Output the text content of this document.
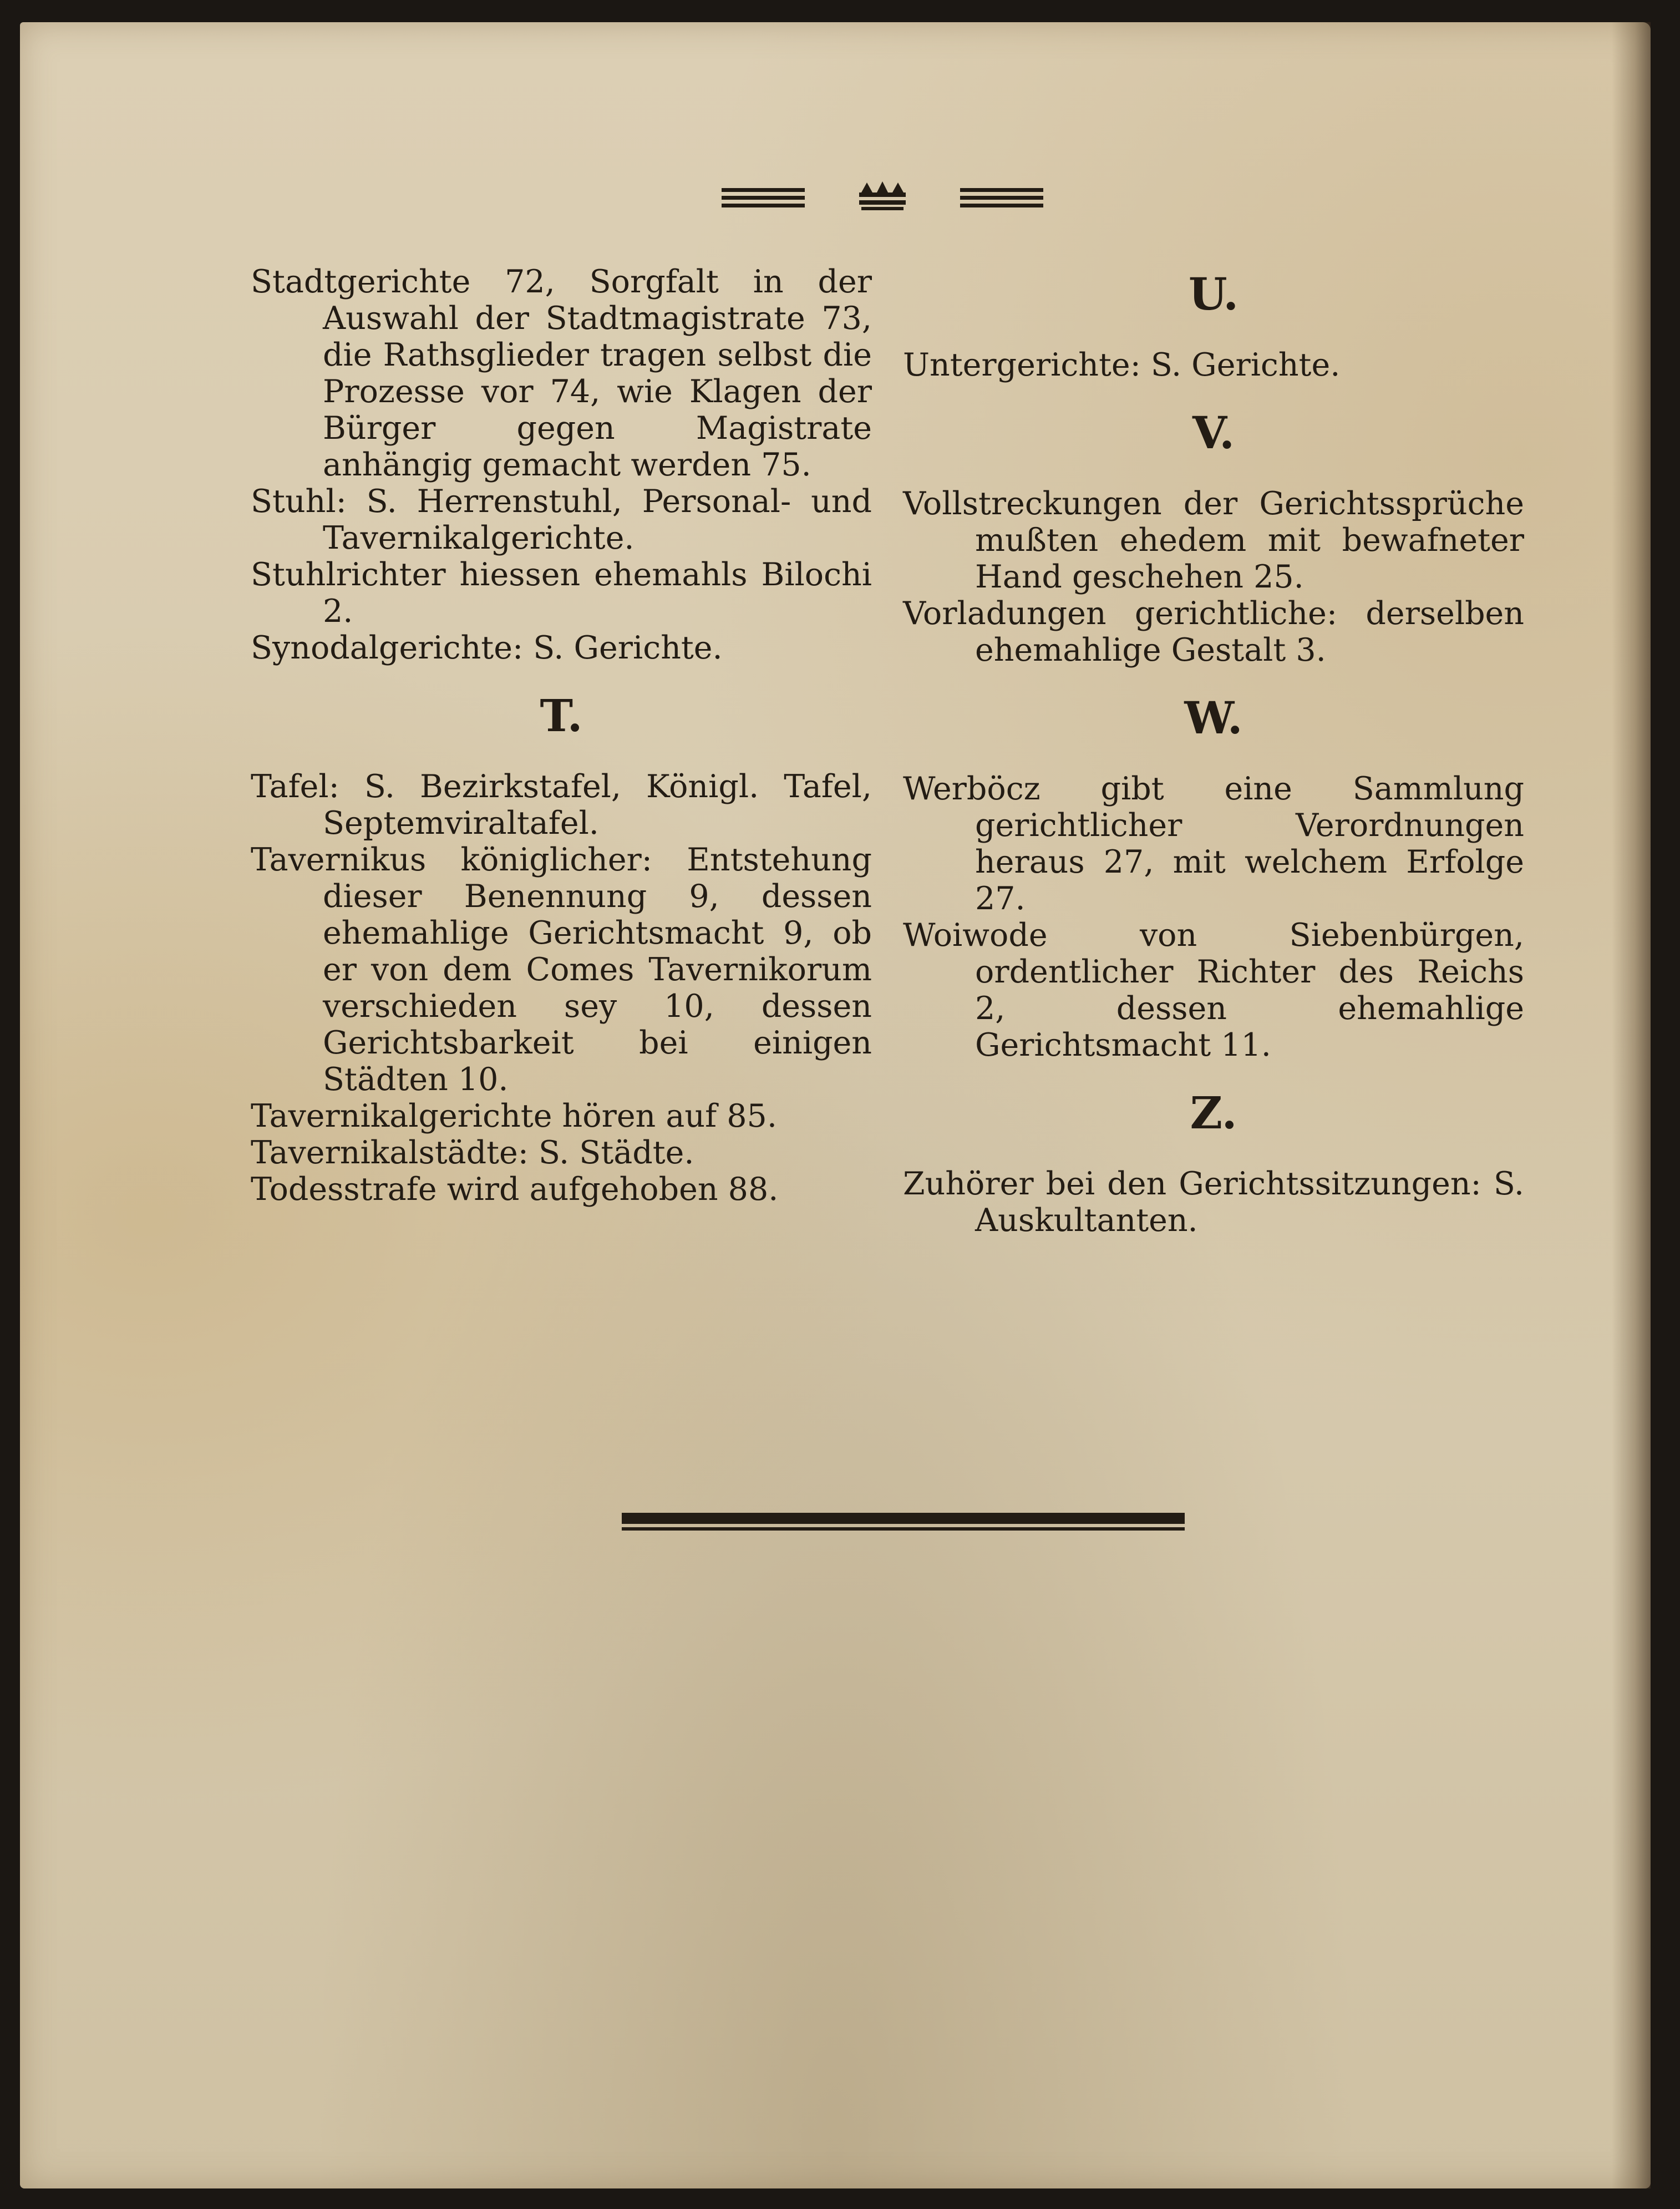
Stadtgerichte 72, Sorgfalt in der Auswahl der Stadtmagistrate 73, die Rathsglieder tragen selbst die Prozesse vor 74, wie Klagen der Bürger gegen Magistrate anhängig gemacht werden 75.

Stuhl: S. Herrenstuhl, Personal- und Tavernikalgerichte.

Stuhlrichter hiessen ehemahls Bilochi 2.

Synodalgerichte: S. Gerichte.

T.

Tafel: S. Bezirkstafel, Königl. Tafel, Septemviraltafel.

Tavernikus königlicher: Entstehung dieser Benennung 9, dessen ehemahlige Gerichtsmacht 9, ob er von dem Comes Tavernikorum verschieden sey 10, dessen Gerichtsbarkeit bei einigen Städten 10.

Tavernikalgerichte hören auf 85.

Tavernikalstädte: S. Städte.

Todesstrafe wird aufgehoben 88.

U.

Untergerichte: S. Gerichte.

V.

Vollstreckungen der Gerichtssprüche mußten ehedem mit bewafneter Hand geschehen 25.

Vorladungen gerichtliche: derselben ehemahlige Gestalt 3.

W.

Werböcz gibt eine Sammlung gerichtlicher Verordnungen heraus 27, mit welchem Erfolge 27.

Woiwode von Siebenbürgen, ordentlicher Richter des Reichs 2, dessen ehemahlige Gerichtsmacht 11.

Z.

Zuhörer bei den Gerichtssitzungen: S. Auskultanten.
